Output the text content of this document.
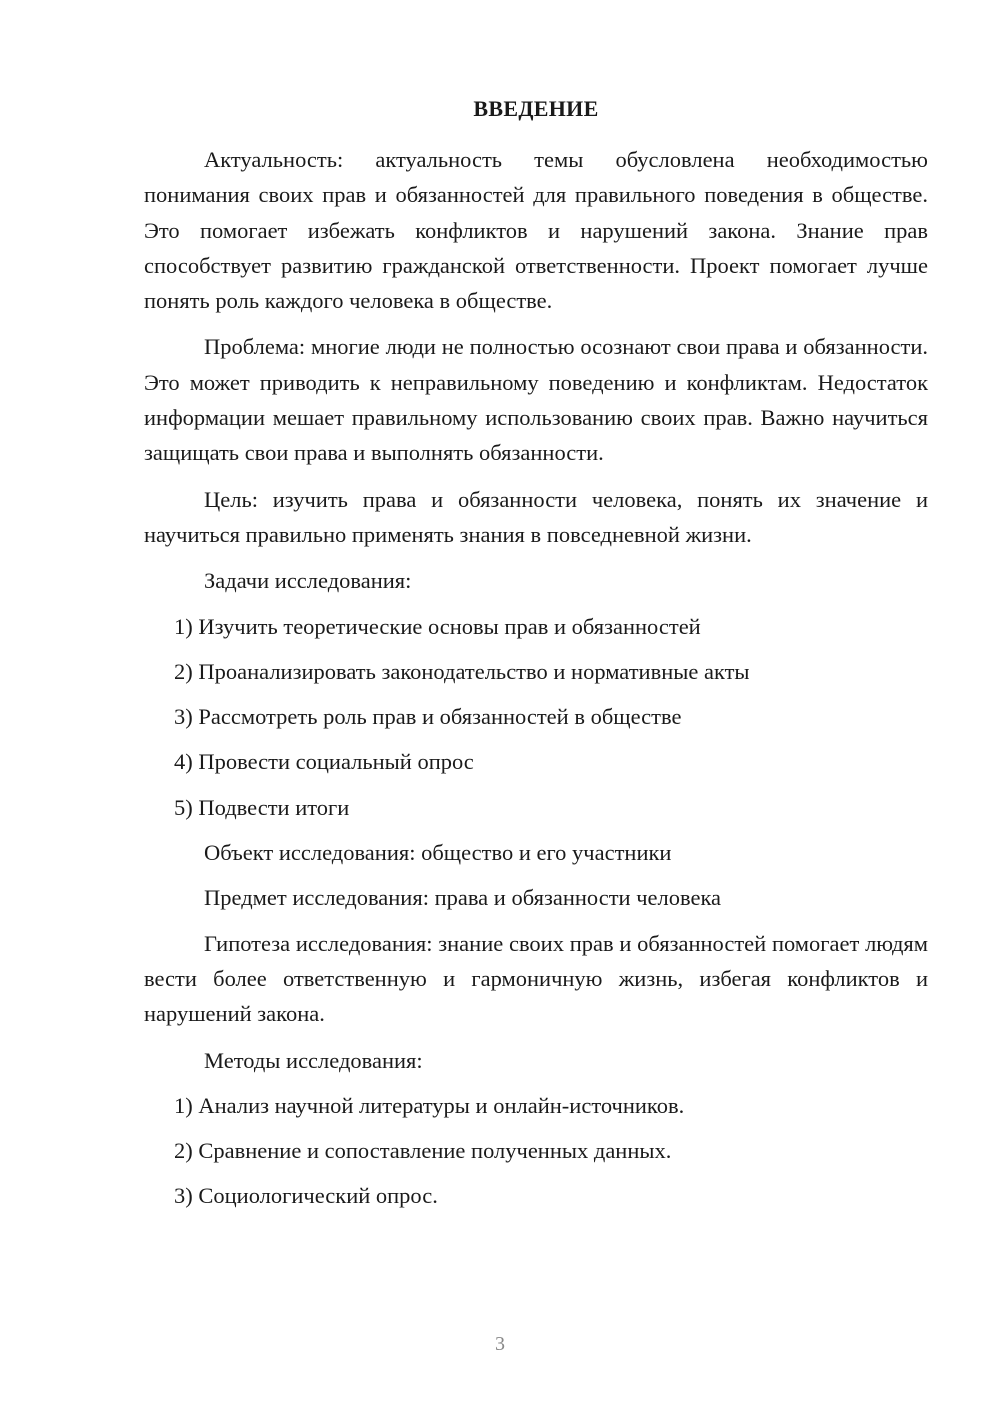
ВВЕДЕНИЕ

Актуальность: актуальность темы обусловлена необходимостью понимания своих прав и обязанностей для правильного поведения в обществе. Это помогает избежать конфликтов и нарушений закона. Знание прав способствует развитию гражданской ответственности. Проект помогает лучше понять роль каждого человека в обществе.

Проблема: многие люди не полностью осознают свои права и обязанности. Это может приводить к неправильному поведению и конфликтам. Недостаток информации мешает правильному использованию своих прав. Важно научиться защищать свои права и выполнять обязанности.

Цель: изучить права и обязанности человека, понять их значение и научиться правильно применять знания в повседневной жизни.

Задачи исследования:
1) Изучить теоретические основы прав и обязанностей
2) Проанализировать законодательство и нормативные акты
3) Рассмотреть роль прав и обязанностей в обществе
4) Провести социальный опрос
5) Подвести итоги
Объект исследования: общество и его участники
Предмет исследования: права и обязанности человека

Гипотеза исследования: знание своих прав и обязанностей помогает людям вести более ответственную и гармоничную жизнь, избегая конфликтов и нарушений закона.

Методы исследования:
1) Анализ научной литературы и онлайн-источников.
2) Сравнение и сопоставление полученных данных.
3) Социологический опрос.
3
